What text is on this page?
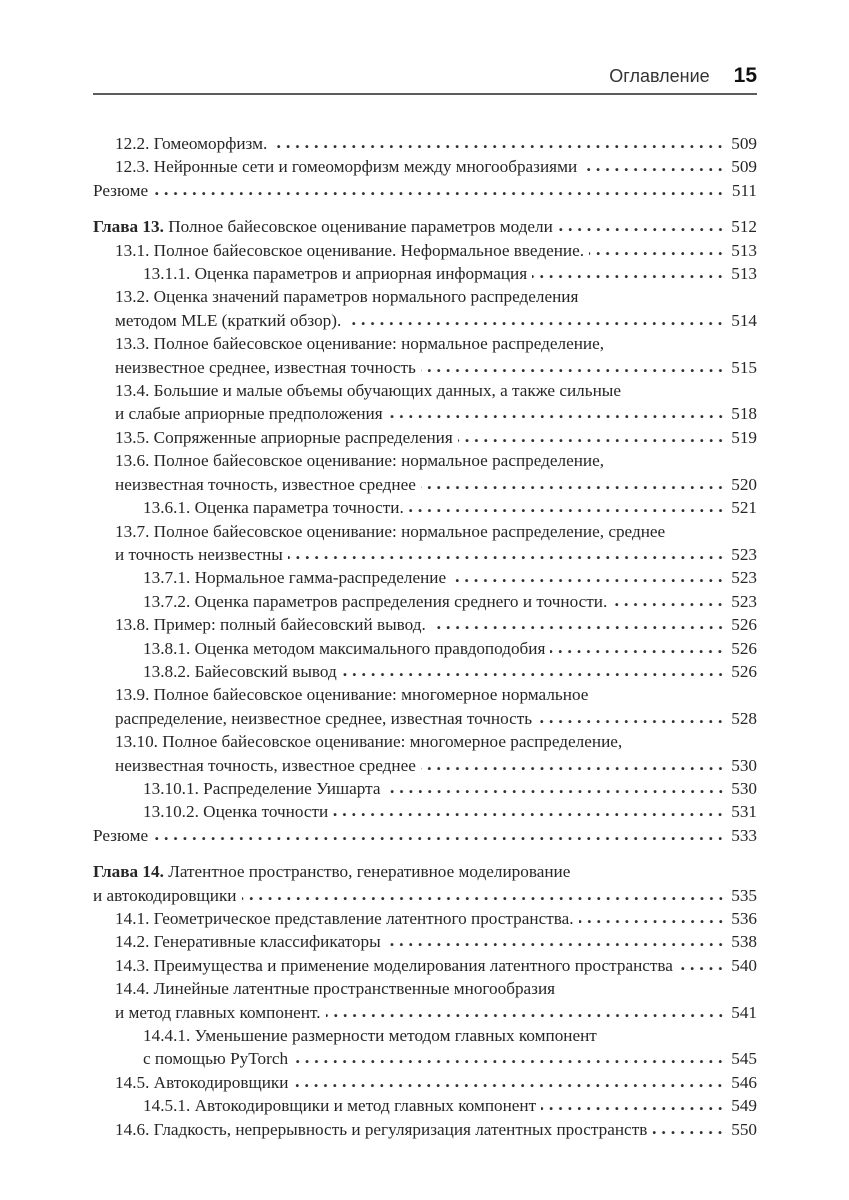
Оглавление 15
12.2. Гомеоморфизм.	509
12.3. Нейронные сети и гомеоморфизм между многообразиями	509
Резюме	511
Глава 13. Полное байесовское оценивание параметров модели	512
13.1. Полное байесовское оценивание. Неформальное введение.	513
13.1.1. Оценка параметров и априорная информация	513
13.2. Оценка значений параметров нормального распределения
методом MLE (краткий обзор).	514
13.3. Полное байесовское оценивание: нормальное распределение,
неизвестное среднее, известная точность	515
13.4. Большие и малые объемы обучающих данных, а также сильные
и слабые априорные предположения	518
13.5. Сопряженные априорные распределения	519
13.6. Полное байесовское оценивание: нормальное распределение,
неизвестная точность, известное среднее	520
13.6.1. Оценка параметра точности.	521
13.7. Полное байесовское оценивание: нормальное распределение, среднее
и точность неизвестны	523
13.7.1. Нормальное гамма-распределение	523
13.7.2. Оценка параметров распределения среднего и точности.	523
13.8. Пример: полный байесовский вывод.	526
13.8.1. Оценка методом максимального правдоподобия	526
13.8.2. Байесовский вывод	526
13.9. Полное байесовское оценивание: многомерное нормальное
распределение, неизвестное среднее, известная точность	528
13.10. Полное байесовское оценивание: многомерное распределение,
неизвестная точность, известное среднее	530
13.10.1. Распределение Уишарта	530
13.10.2. Оценка точности	531
Резюме	533
Глава 14. Латентное пространство, генеративное моделирование
и автокодировщики	535
14.1. Геометрическое представление латентного пространства.	536
14.2. Генеративные классификаторы	538
14.3. Преимущества и применение моделирования латентного пространства	540
14.4. Линейные латентные пространственные многообразия
и метод главных компонент.	541
14.4.1. Уменьшение размерности методом главных компонент
с помощью PyTorch	545
14.5. Автокодировщики	546
14.5.1. Автокодировщики и метод главных компонент	549
14.6. Гладкость, непрерывность и регуляризация латентных пространств	550
